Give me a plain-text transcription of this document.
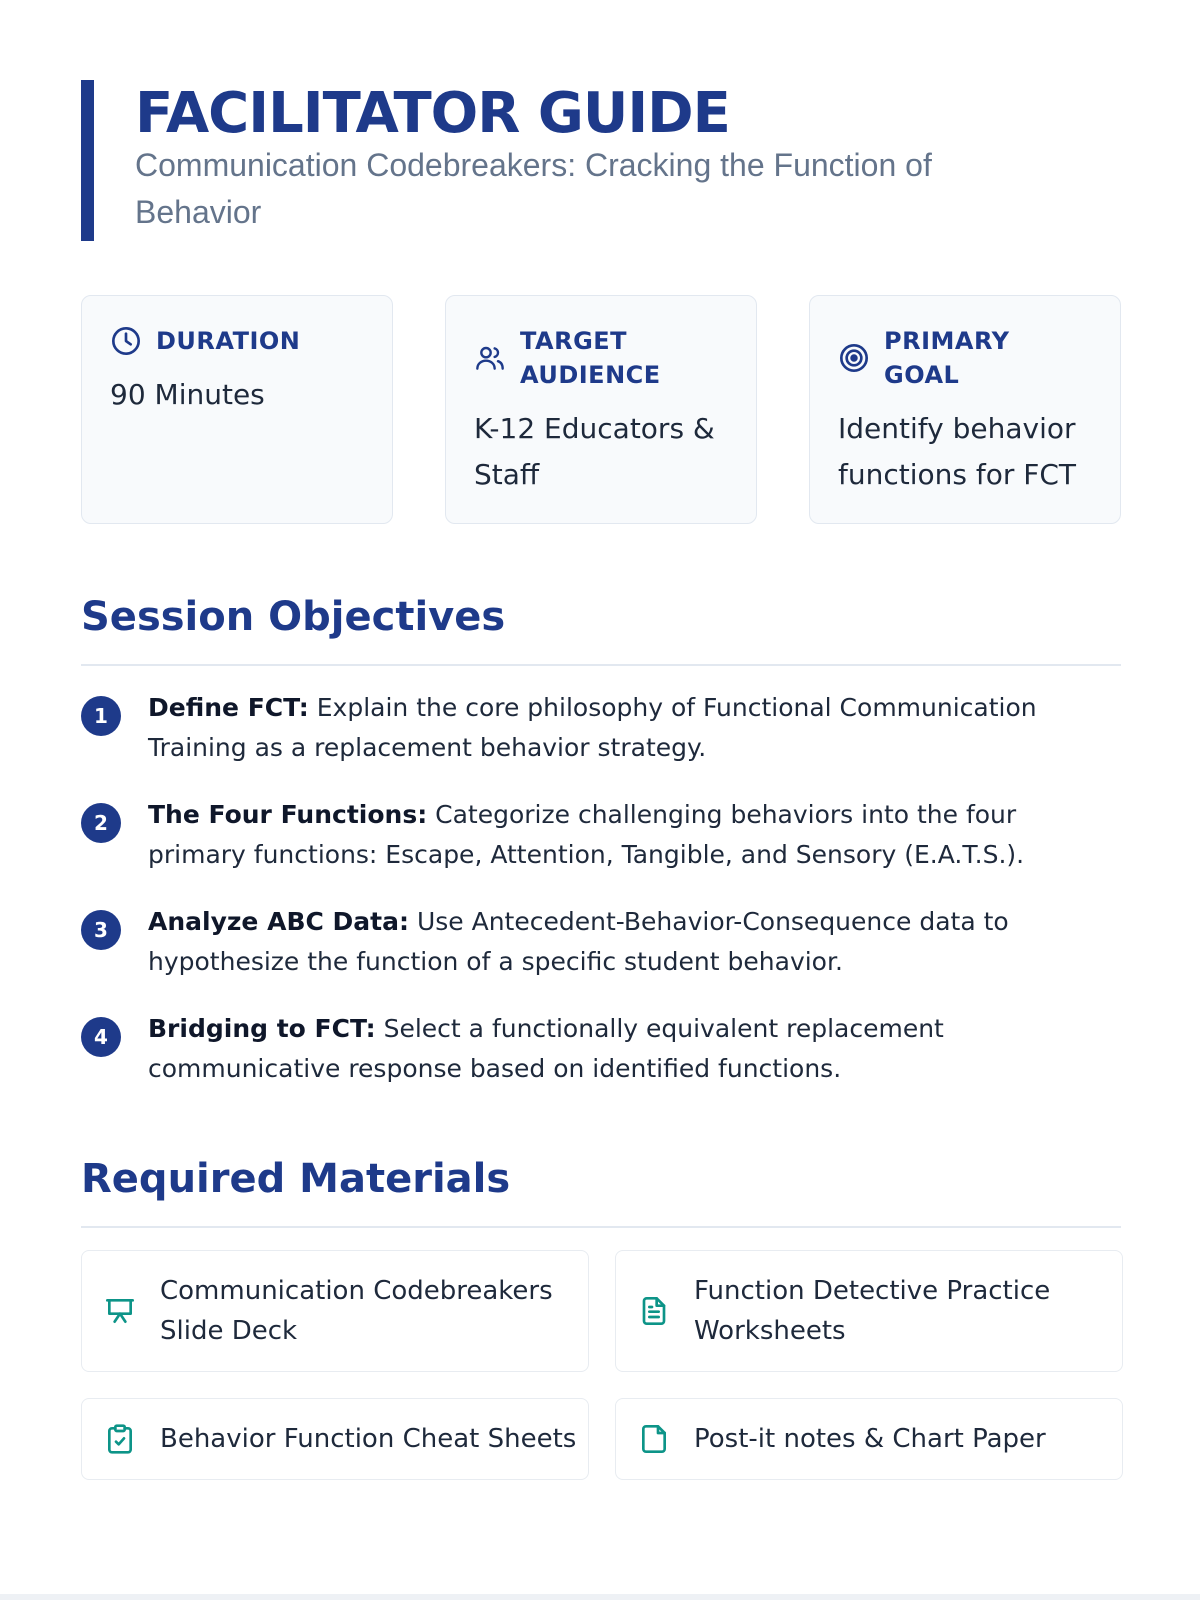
FACILITATOR GUIDE
Communication Codebreakers: Cracking the Function of Behavior
DURATION
90 Minutes
TARGET AUDIENCE
K-12 Educators & Staff
PRIMARY GOAL
Identify behavior functions for FCT
Session Objectives
1	Define FCT: Explain the core philosophy of Functional Communication Training as a replacement behavior strategy.
2	The Four Functions: Categorize challenging behaviors into the four primary functions: Escape, Attention, Tangible, and Sensory (E.A.T.S.).
3	Analyze ABC Data: Use Antecedent-Behavior-Consequence data to hypothesize the function of a specific student behavior.
4	Bridging to FCT: Select a functionally equivalent replacement communicative response based on identified functions.
Required Materials
Communication Codebreakers Slide Deck
Function Detective Practice Worksheets
Behavior Function Cheat Sheets	Post-it notes & Chart Paper
